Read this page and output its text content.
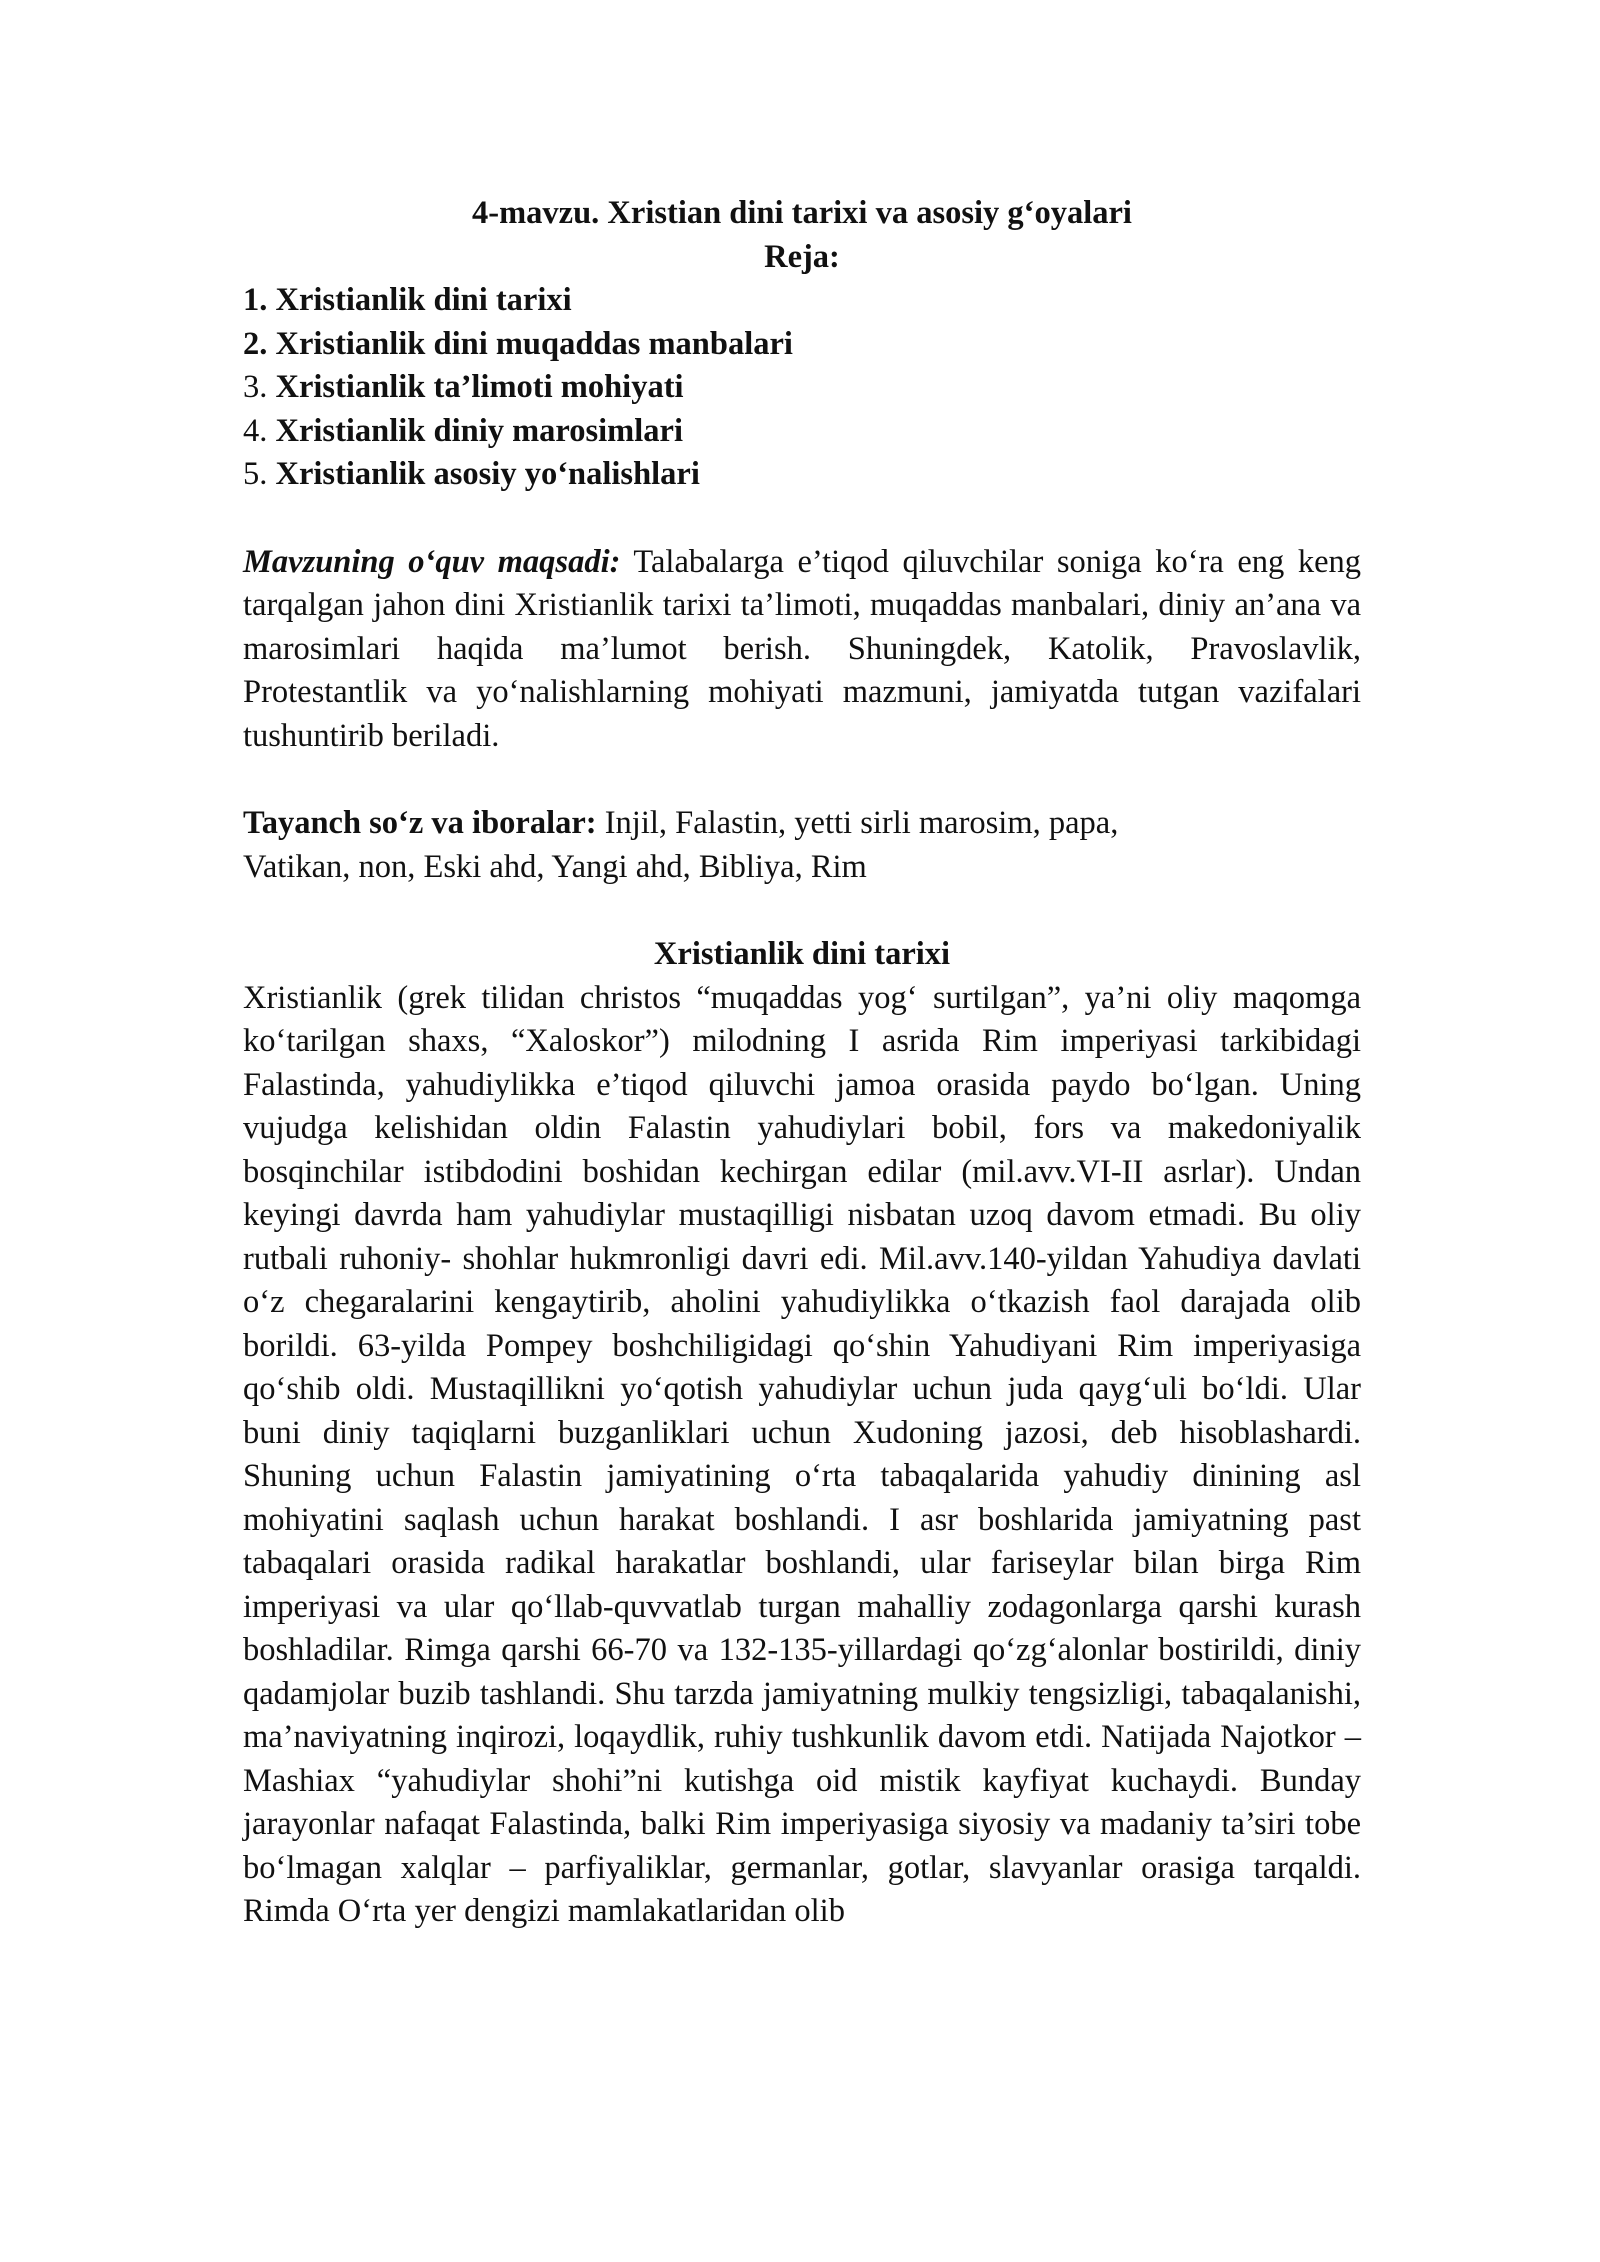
4-mavzu. Xristian dini tarixi va asosiy g‘oyalari
Reja:
1. Xristianlik dini tarixi
2. Xristianlik dini muqaddas manbalari
3. Xristianlik ta’limoti mohiyati
4. Xristianlik diniy marosimlari
5. Xristianlik asosiy yo‘nalishlari

Mavzuning o‘quv maqsadi: Talabalarga e’tiqod qiluvchilar soniga ko‘ra eng keng tarqalgan jahon dini Xristianlik tarixi ta’limoti, muqaddas manbalari, diniy an’ana va marosimlari haqida ma’lumot berish. Shuningdek, Katolik, Pravoslavlik, Protestantlik va yo‘nalishlarning mohiyati mazmuni, jamiyatda tutgan vazifalari tushuntirib beriladi.

Tayanch so‘z va iboralar: Injil, Falastin, yetti sirli marosim, papa,
Vatikan, non, Eski ahd, Yangi ahd, Bibliya, Rim
Xristianlik dini tarixi

Xristianlik (grek tilidan christos “muqaddas yog‘ surtilgan”, ya’ni oliy maqomga ko‘tarilgan shaxs, “Xaloskor”) milodning I asrida Rim imperiyasi tarkibidagi Falastinda, yahudiylikka e’tiqod qiluvchi jamoa orasida paydo bo‘lgan. Uning vujudga kelishidan oldin Falastin yahudiylari bobil, fors va makedoniyalik bosqinchilar istibdodini boshidan kechirgan edilar (mil.avv.VI-II asrlar). Undan keyingi davrda ham yahudiylar mustaqilligi nisbatan uzoq davom etmadi. Bu oliy rutbali ruhoniy- shohlar hukmronligi davri edi. Mil.avv.140-yildan Yahudiya davlati o‘z chegaralarini kengaytirib, aholini yahudiylikka o‘tkazish faol darajada olib borildi. 63-yilda Pompey boshchiligidagi qo‘shin Yahudiyani Rim imperiyasiga qo‘shib oldi. Mustaqillikni yo‘qotish yahudiylar uchun juda qayg‘uli bo‘ldi. Ular buni diniy taqiqlarni buzganliklari uchun Xudoning jazosi, deb hisoblashardi. Shuning uchun Falastin jamiyatining o‘rta tabaqalarida yahudiy dinining asl mohiyatini saqlash uchun harakat boshlandi. I asr boshlarida jamiyatning past tabaqalari orasida radikal harakatlar boshlandi, ular fariseylar bilan birga Rim imperiyasi va ular qo‘llab-quvvatlab turgan mahalliy zodagonlarga qarshi kurash boshladilar. Rimga qarshi 66-70 va 132-135-yillardagi qo‘zg‘alonlar bostirildi, diniy qadamjolar buzib tashlandi. Shu tarzda jamiyatning mulkiy tengsizligi, tabaqalanishi, ma’naviyatning inqirozi, loqaydlik, ruhiy tushkunlik davom etdi. Natijada Najotkor – Mashiax “yahudiylar shohi”ni kutishga oid mistik kayfiyat kuchaydi. Bunday jarayonlar nafaqat Falastinda, balki Rim imperiyasiga siyosiy va madaniy ta’siri tobe bo‘lmagan xalqlar – parfiyaliklar, germanlar, gotlar, slavyanlar orasiga tarqaldi. Rimda O‘rta yer dengizi mamlakatlaridan olib
